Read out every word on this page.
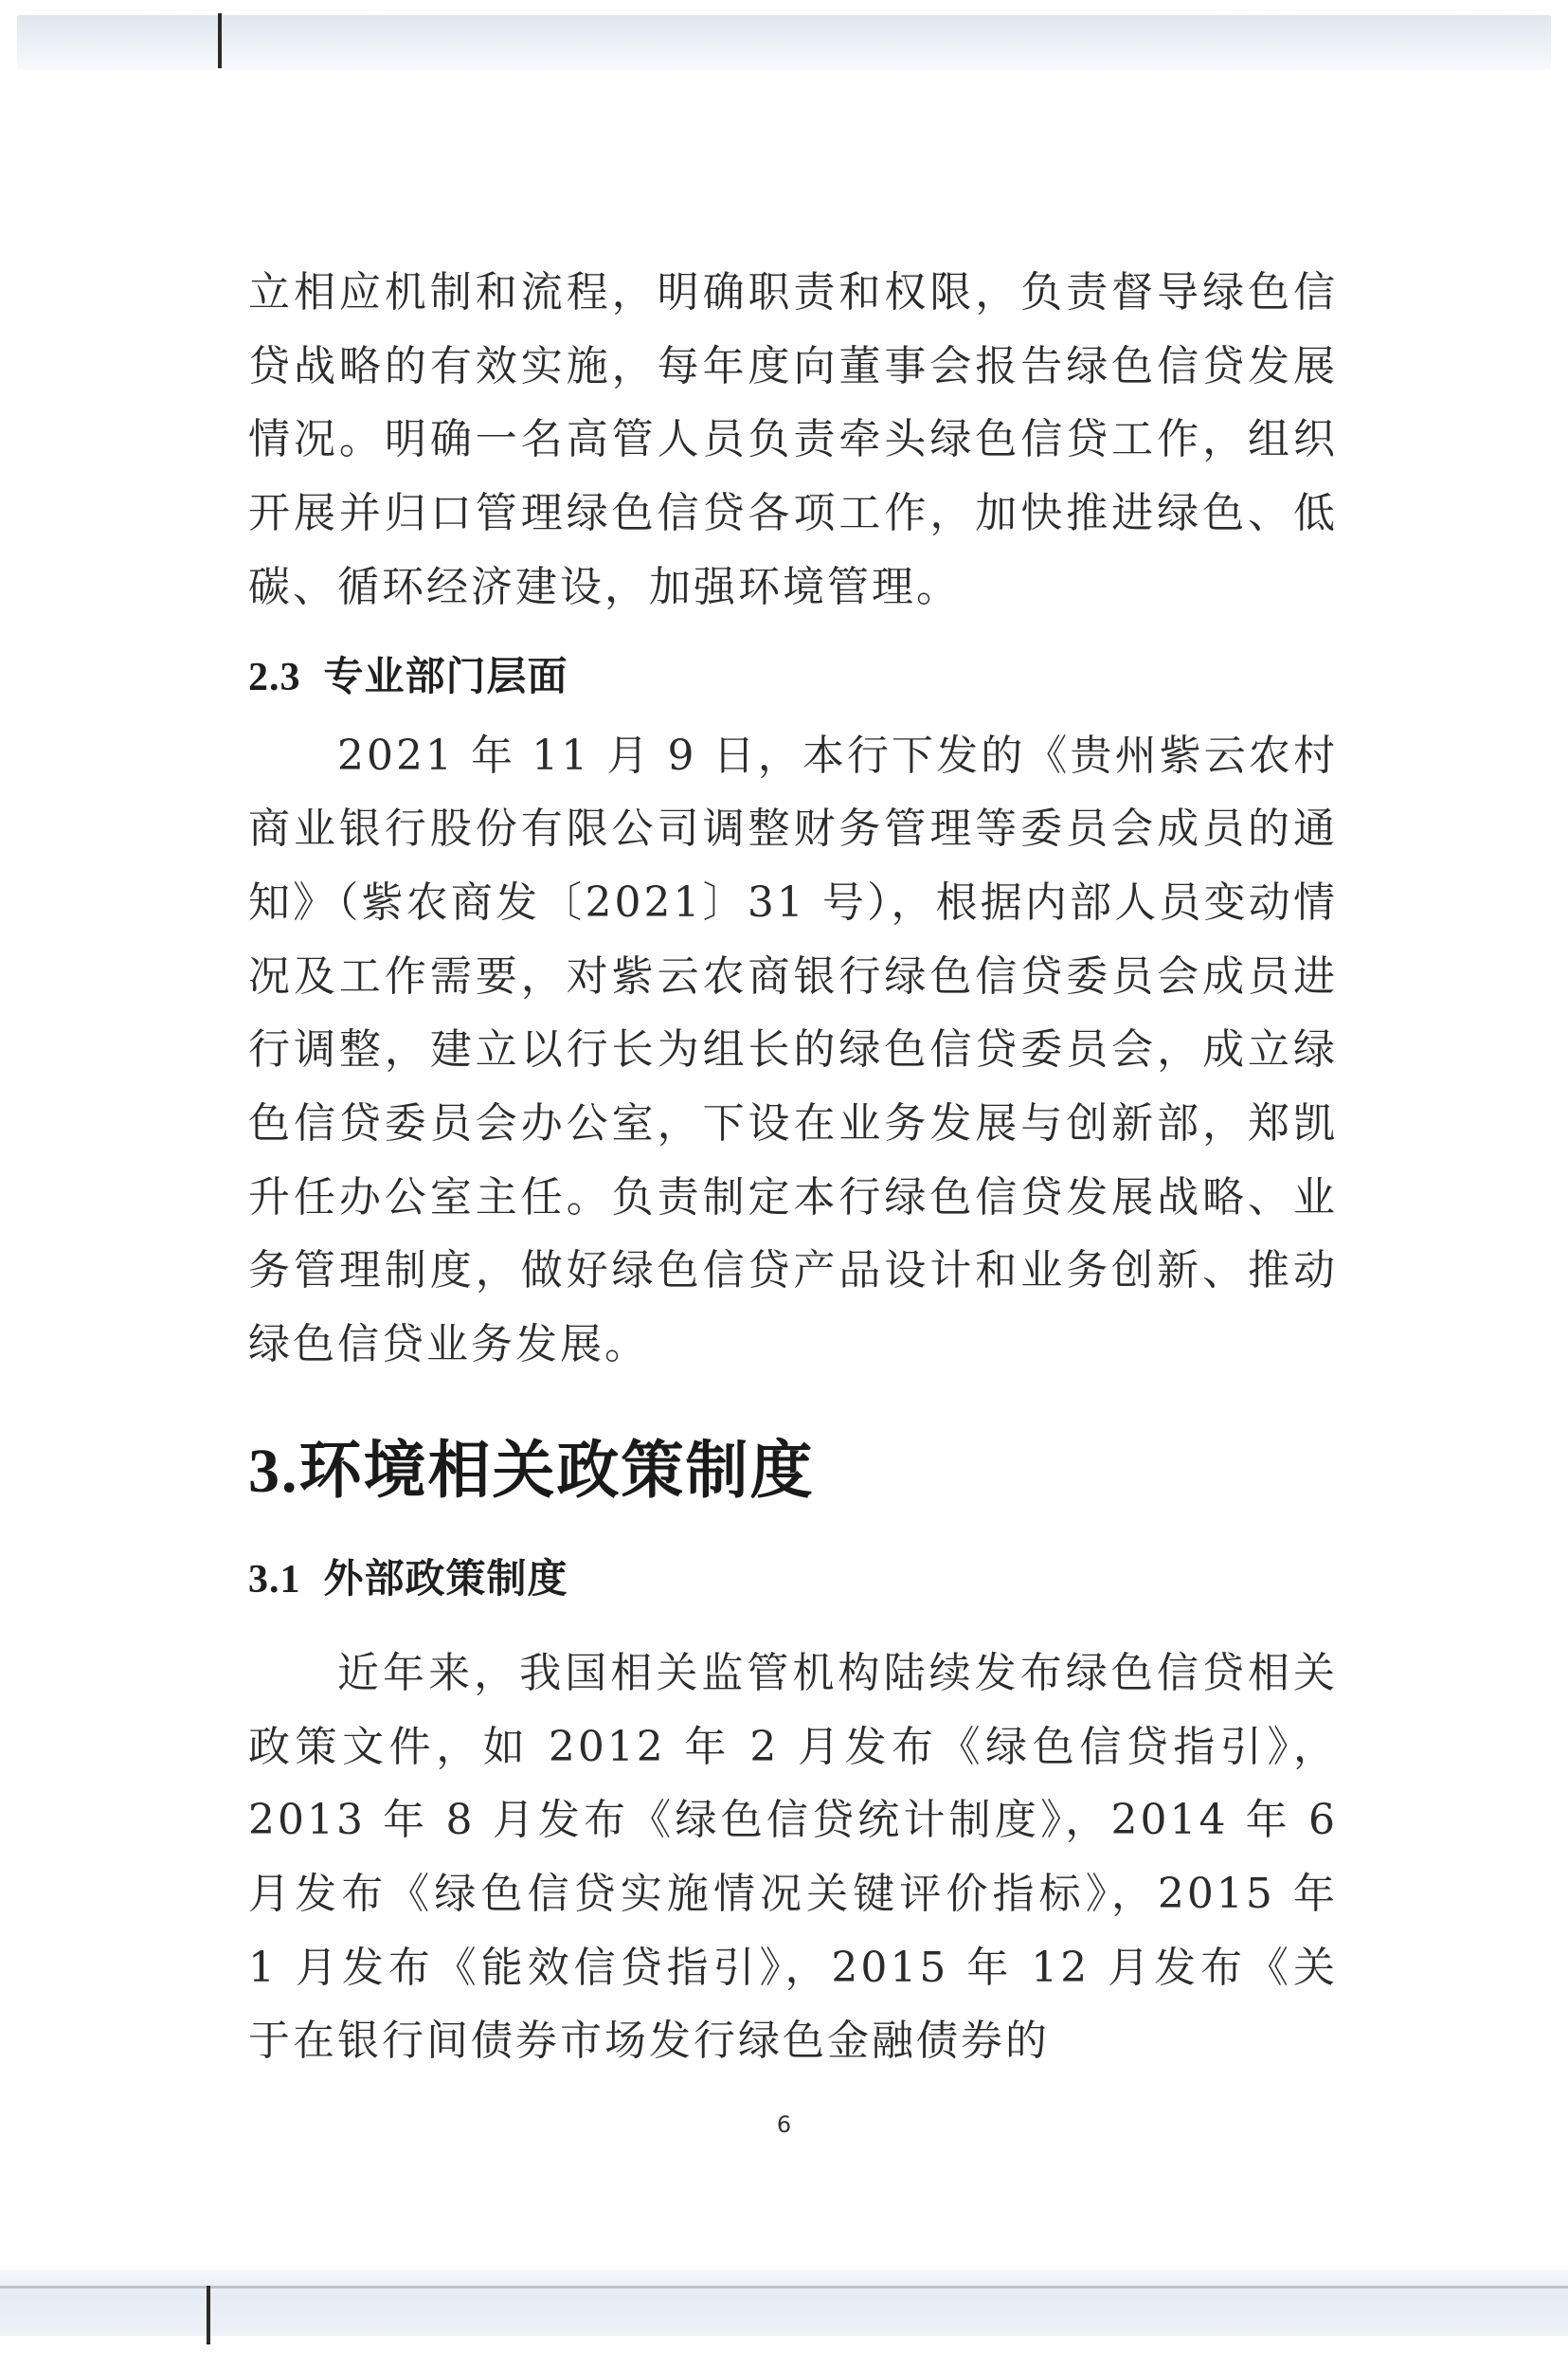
立相应机制和流程，明确职责和权限，负责督导绿色信贷战略的有效实施，每年度向董事会报告绿色信贷发展情况。明确一名高管人员负责牵头绿色信贷工作，组织开展并归口管理绿色信贷各项工作，加快推进绿色、低碳、循环经济建设，加强环境管理。

2.3 专业部门层面

2021 年 11 月 9 日，本行下发的《贵州紫云农村商业银行股份有限公司调整财务管理等委员会成员的通知》（紫农商发〔2021〕31 号），根据内部人员变动情况及工作需要，对紫云农商银行绿色信贷委员会成员进行调整，建立以行长为组长的绿色信贷委员会，成立绿色信贷委员会办公室，下设在业务发展与创新部，郑凯升任办公室主任。负责制定本行绿色信贷发展战略、业务管理制度，做好绿色信贷产品设计和业务创新、推动绿色信贷业务发展。

3.环境相关政策制度
3.1 外部政策制度

近年来，我国相关监管机构陆续发布绿色信贷相关政策文件，如 2012 年 2 月发布《绿色信贷指引》，2013 年 8 月发布《绿色信贷统计制度》，2014 年 6 月发布《绿色信贷实施情况关键评价指标》，2015 年 1 月发布《能效信贷指引》，2015 年 12 月发布《关于在银行间债券市场发行绿色金融债券的

6
